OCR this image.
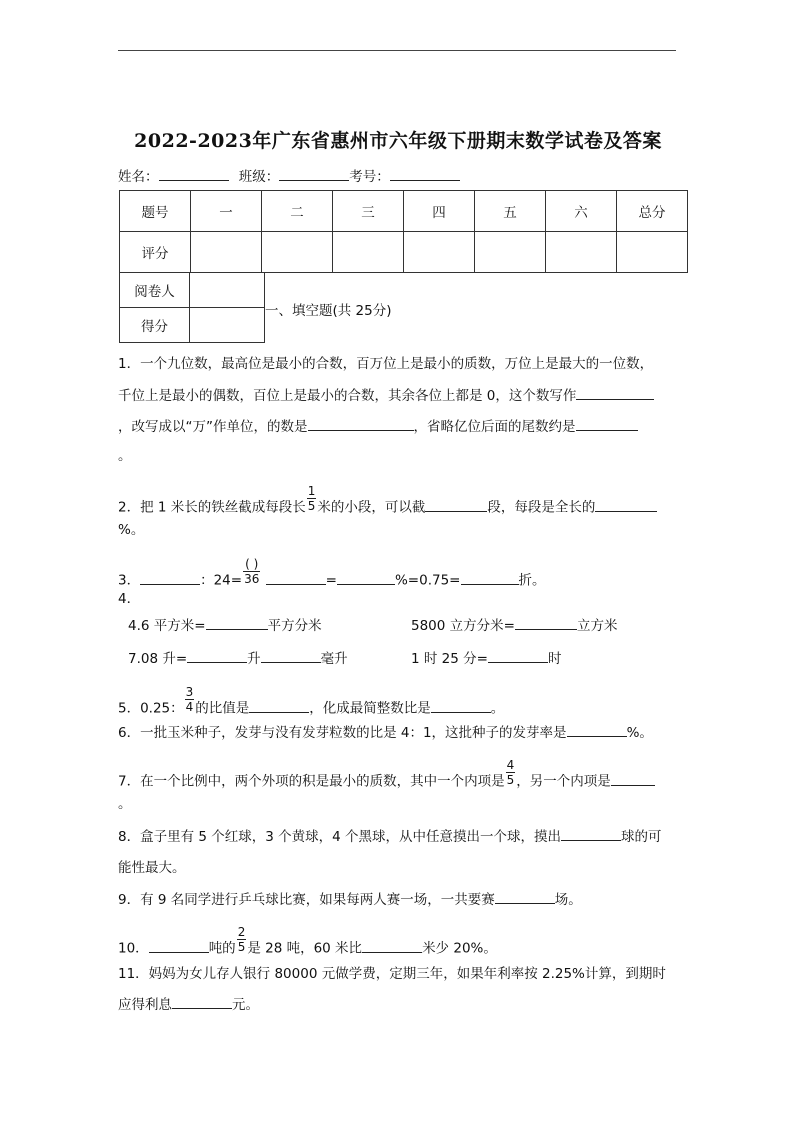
2022-2023年广东省惠州市六年级下册期末数学试卷及答案
姓名：	班级：	考号：
题号	一	二	三	四	五	六	总分
评分							
阅卷人	
得分	
一、填空题(共 25分)
1．一个九位数，最高位是最小的合数，百万位上是最小的质数，万位上是最大的一位数，
千位上是最小的偶数，百位上是最小的合数，其余各位上都是 0，这个数写作
，改写成以“万”作单位，的数是	，省略亿位后面的尾数约是
。
2．把 1 米长的铁丝截成每段长 $\frac{1}{5}$ 米的小段，可以截	段，每段是全长的
%。
3．	：$24= \frac{( )}{36}$	=	%=0.75=	折。
4．
4.6 平方米=	平方分米	5800 立方分米=	立方米
7.08 升=	升	毫升	1 时 25 分=	时
5．0.25： $\frac{3}{4}$ 的比值是	，化成最简整数比是	。
6．一批玉米种子，发芽与没有发芽粒数的比是 4：1，这批种子的发芽率是	%。
7．在一个比例中，两个外项的积是最小的质数，其中一个内项是 $\frac{4}{5}$ ，另一个内项是
。
8．盒子里有 5 个红球，3 个黄球，4 个黑球，从中任意摸出一个球，摸出	球的可
能性最大。
9．有 9 名同学进行乒乓球比赛，如果每两人赛一场，一共要赛	场。
10．	吨的 $\frac{2}{5}$ 是 28 吨，60 米比	米少 20%。
11．妈妈为女儿存人银行 80000 元做学费，定期三年，如果年利率按 2.25%计算，到期时
应得利息	元。
